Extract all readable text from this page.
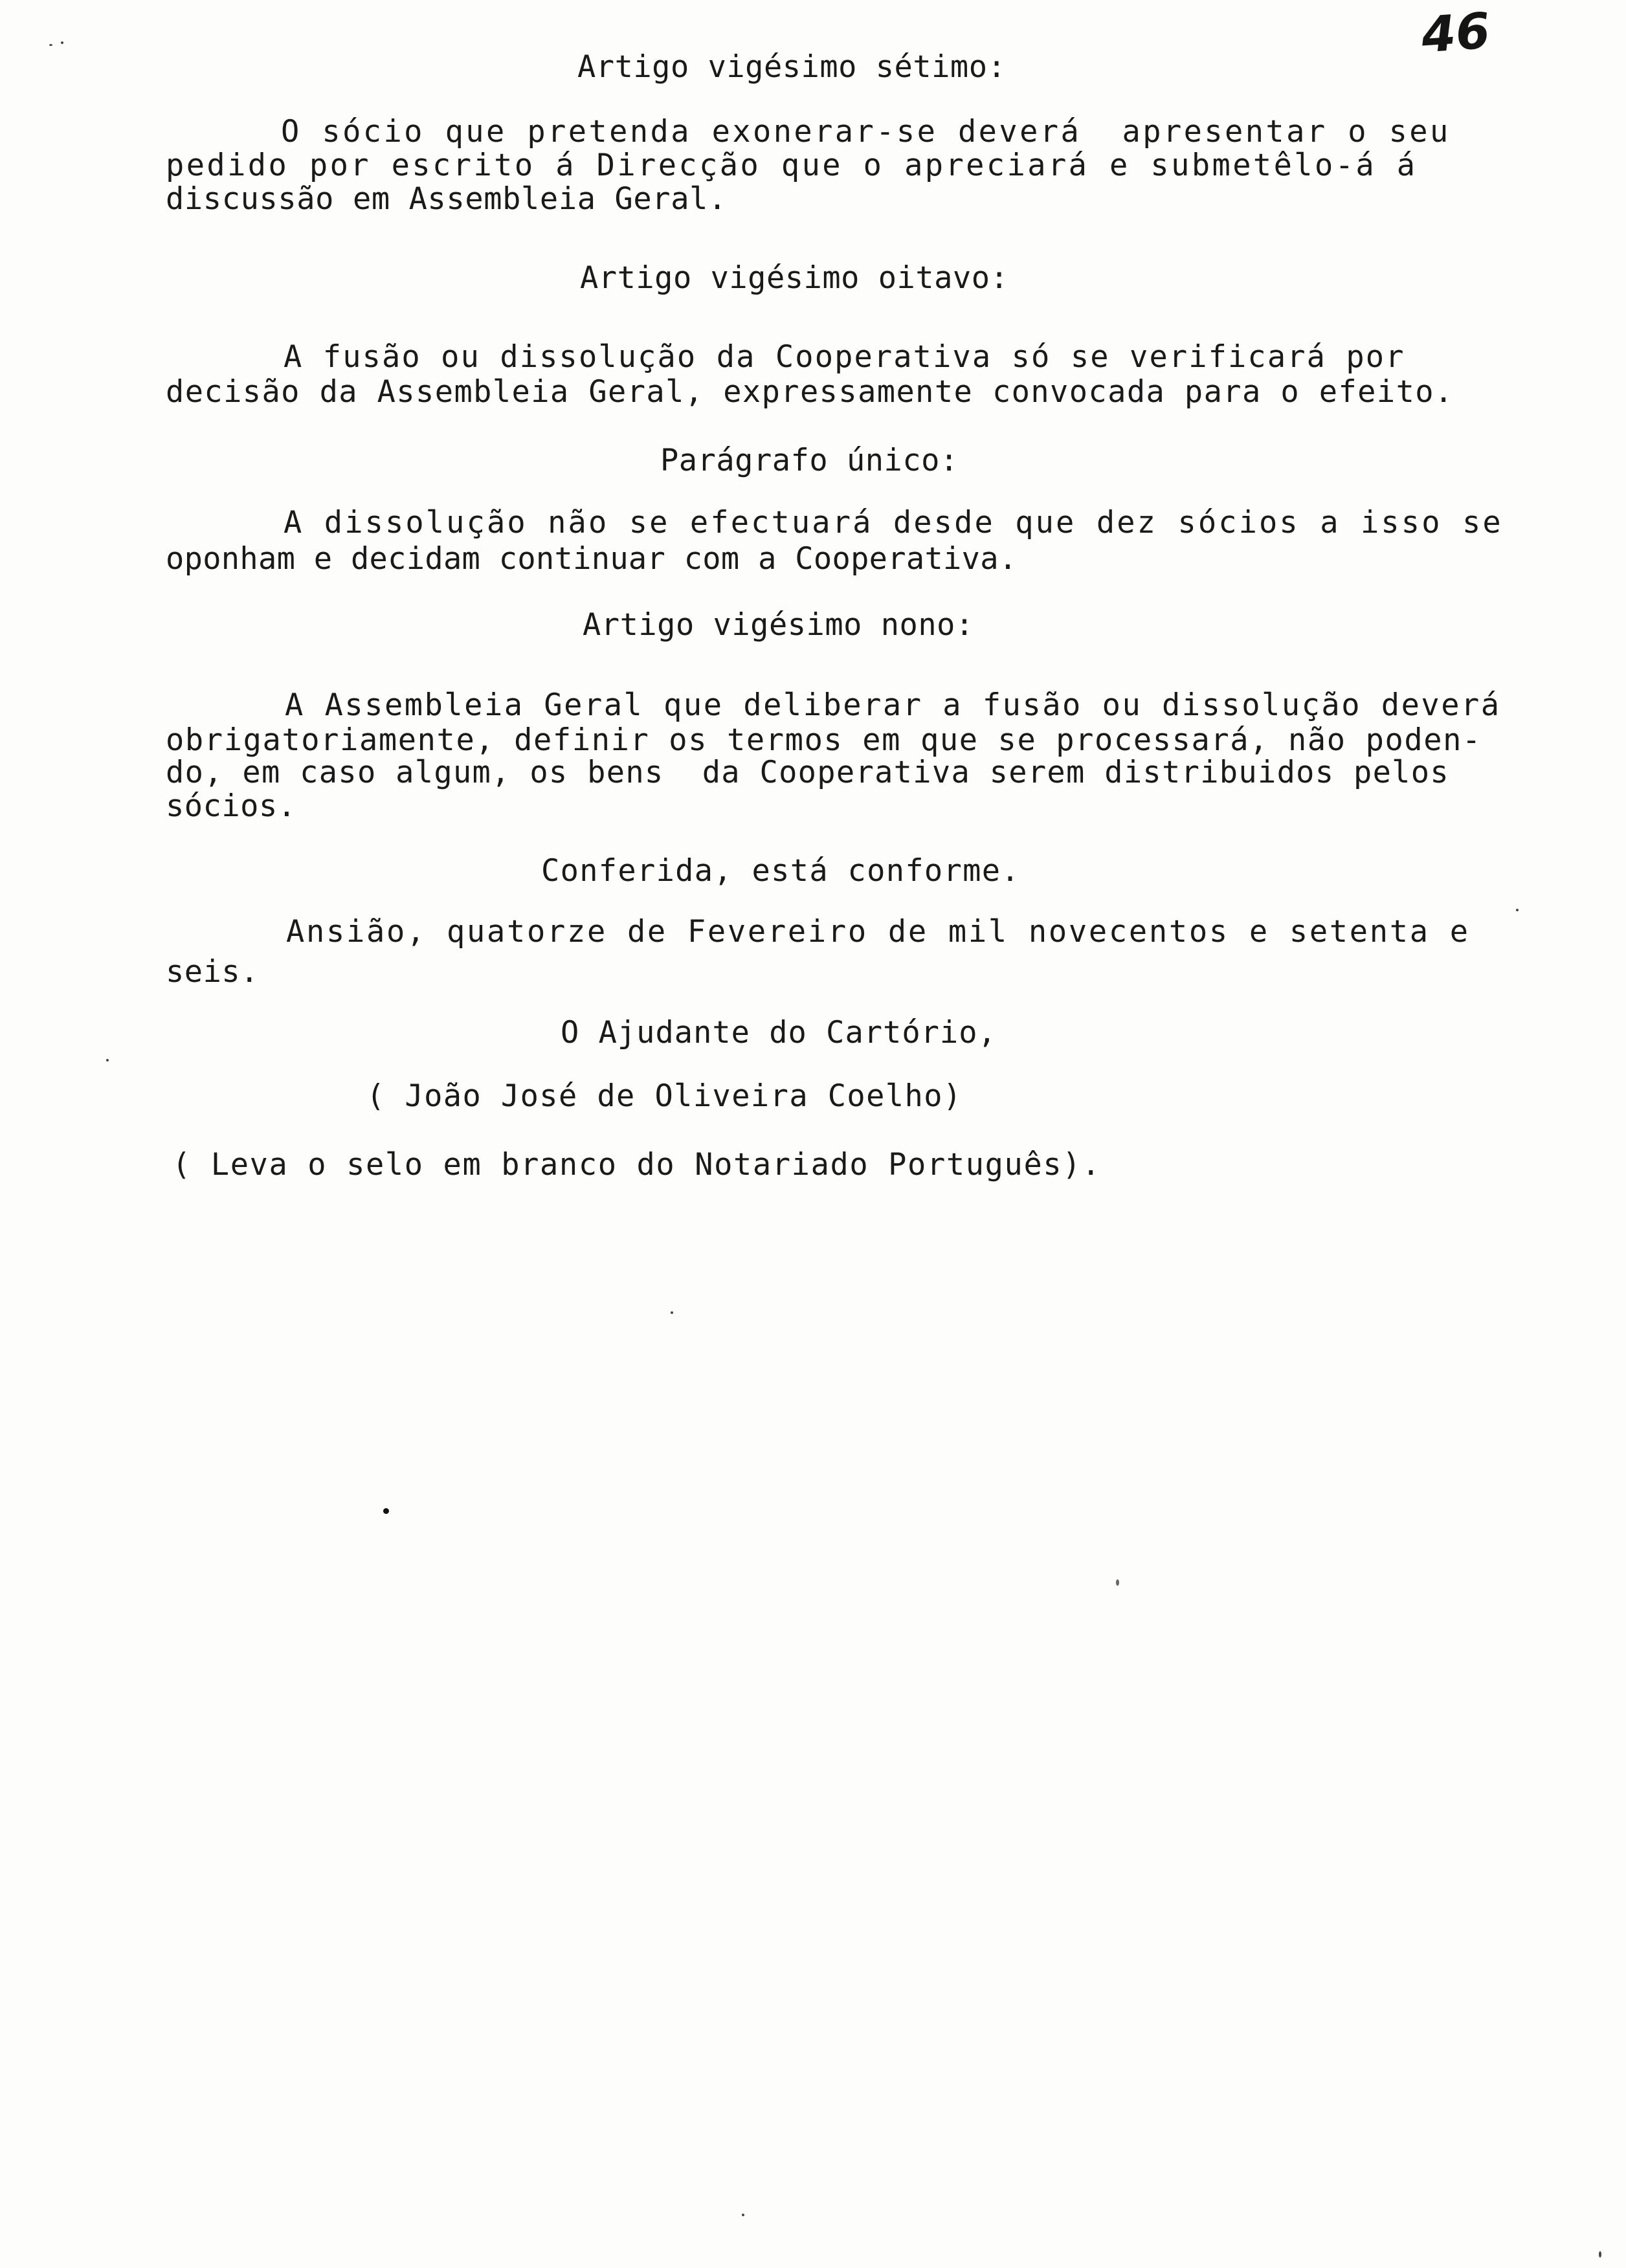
46
Artigo vigésimo sétimo:
O sócio que pretenda exonerar-se deverá  apresentar o seu
pedido por escrito á Direcção que o apreciará e submetêlo-á á
discussão em Assembleia Geral.
Artigo vigésimo oitavo:
A fusão ou dissolução da Cooperativa só se verificará por
decisão da Assembleia Geral, expressamente convocada para o efeito.
Parágrafo único:
A dissolução não se efectuará desde que dez sócios a isso se
oponham e decidam continuar com a Cooperativa.
Artigo vigésimo nono:
A Assembleia Geral que deliberar a fusão ou dissolução deverá
obrigatoriamente, definir os termos em que se processará, não poden-
do, em caso algum, os bens  da Cooperativa serem distribuidos pelos
sócios.
Conferida, está conforme.
Ansião, quatorze de Fevereiro de mil novecentos e setenta e
seis.
O Ajudante do Cartório,
( João José de Oliveira Coelho)
( Leva o selo em branco do Notariado Português).
